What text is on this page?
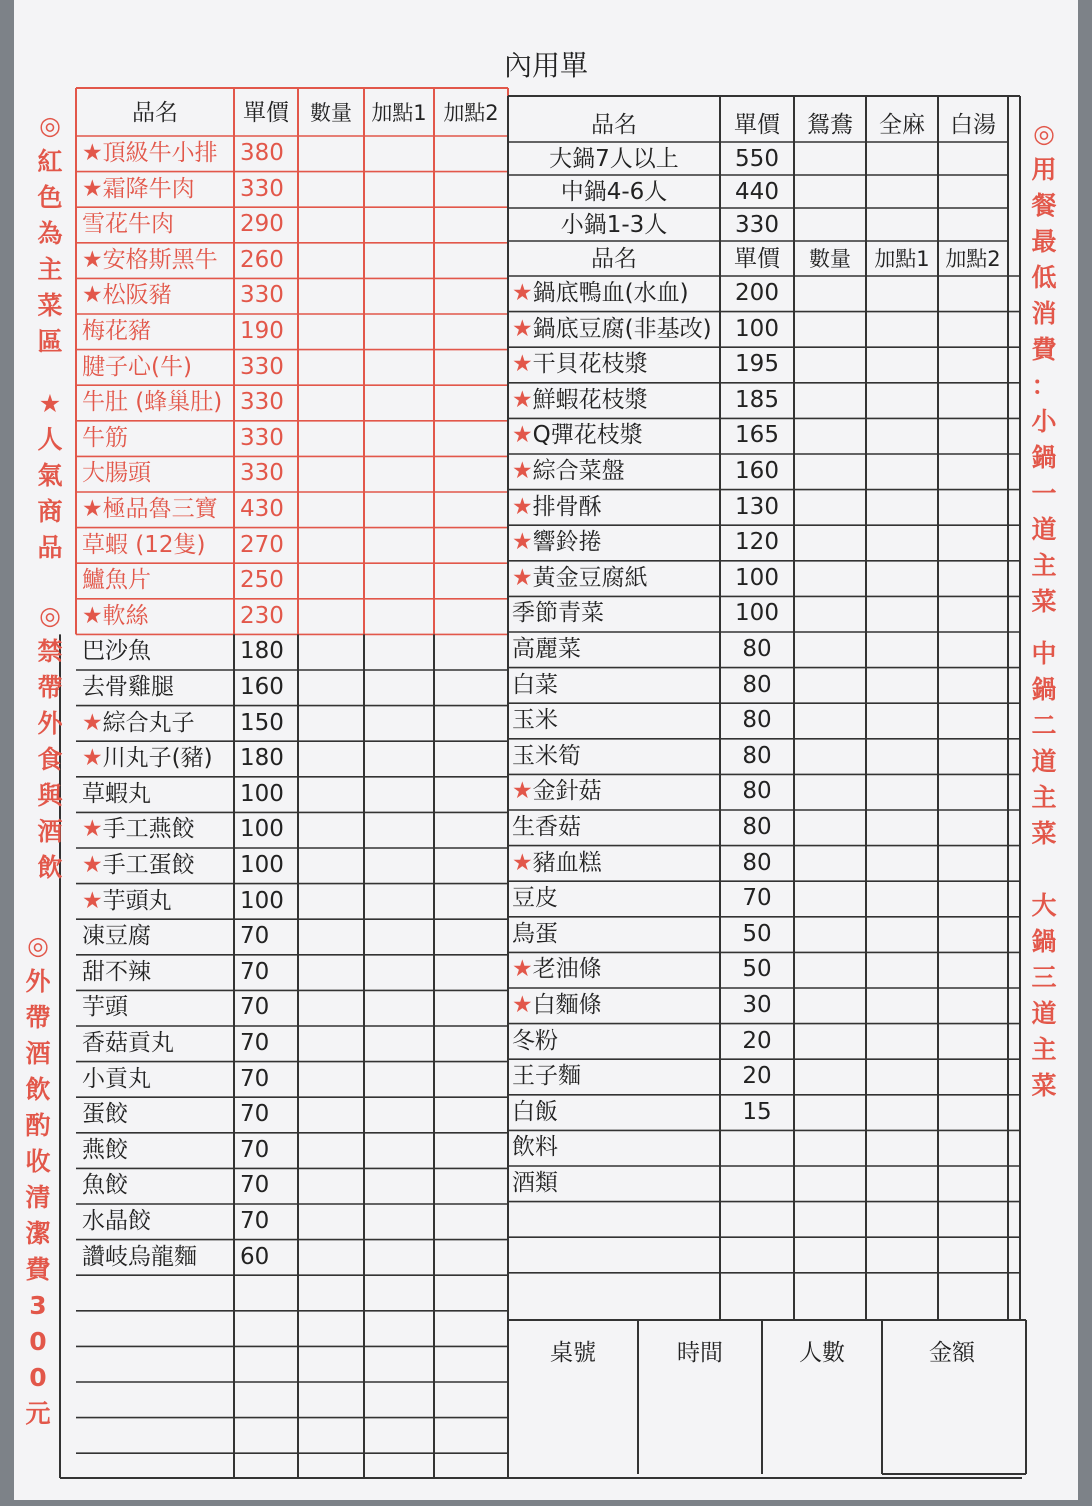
內用單
◎
紅
色
為
主
菜
區
★
人
氣
商
品
◎
禁
帶
外
食
與
酒
飲
◎
外
帶
酒
飲
酌
收
清
潔
費
3
0
0
元
◎
用
餐
最
低
消
費
：
小
鍋
一
道
主
菜
中
鍋
二
道
主
菜
大
鍋
三
道
主
菜
品名	單價	數量 加點1 加點2
★頂級牛小排 380
★霜降牛肉	330
雪花牛肉	290
★安格斯黑牛 260
★松阪豬	330
梅花豬	190
腱子心(牛)	330
牛肚 (蜂巢肚) 330
牛筋	330
大腸頭	330
★極品魯三寶 430
草蝦 (12隻)	270
鱸魚片	250
★軟絲	230
巴沙魚	180
去骨雞腿	160
★綜合丸子	150
★川丸子(豬)	180
草蝦丸	100
★手工燕餃	100
★手工蛋餃	100
★芋頭丸	100
凍豆腐	70
甜不辣	70
芋頭	70
香菇貢丸	70
小貢丸	70
蛋餃	70
燕餃	70
魚餃	70
水晶餃	70
讚岐烏龍麵	60
品名	單價	鴛鴦	全麻	白湯
大鍋7人以上	550
中鍋4-6人	440
小鍋1-3人	330
品名	單價	數量	加點1 加點2
★鍋底鴨血(水血)	200
★鍋底豆腐(非基改)	100
★干貝花枝漿	195
★鮮蝦花枝漿	185
★Q彈花枝漿	165
★綜合菜盤	160
★排骨酥	130
★響鈴捲	120
★黃金豆腐紙	100
季節青菜	100
高麗菜	80
白菜	80
玉米	80
玉米筍	80
★金針菇	80
生香菇	80
★豬血糕	80
豆皮	70
鳥蛋	50
★老油條	50
★白麵條	30
冬粉	20
王子麵	20
白飯	15
飲料
酒類
桌號	時間	人數	金額
